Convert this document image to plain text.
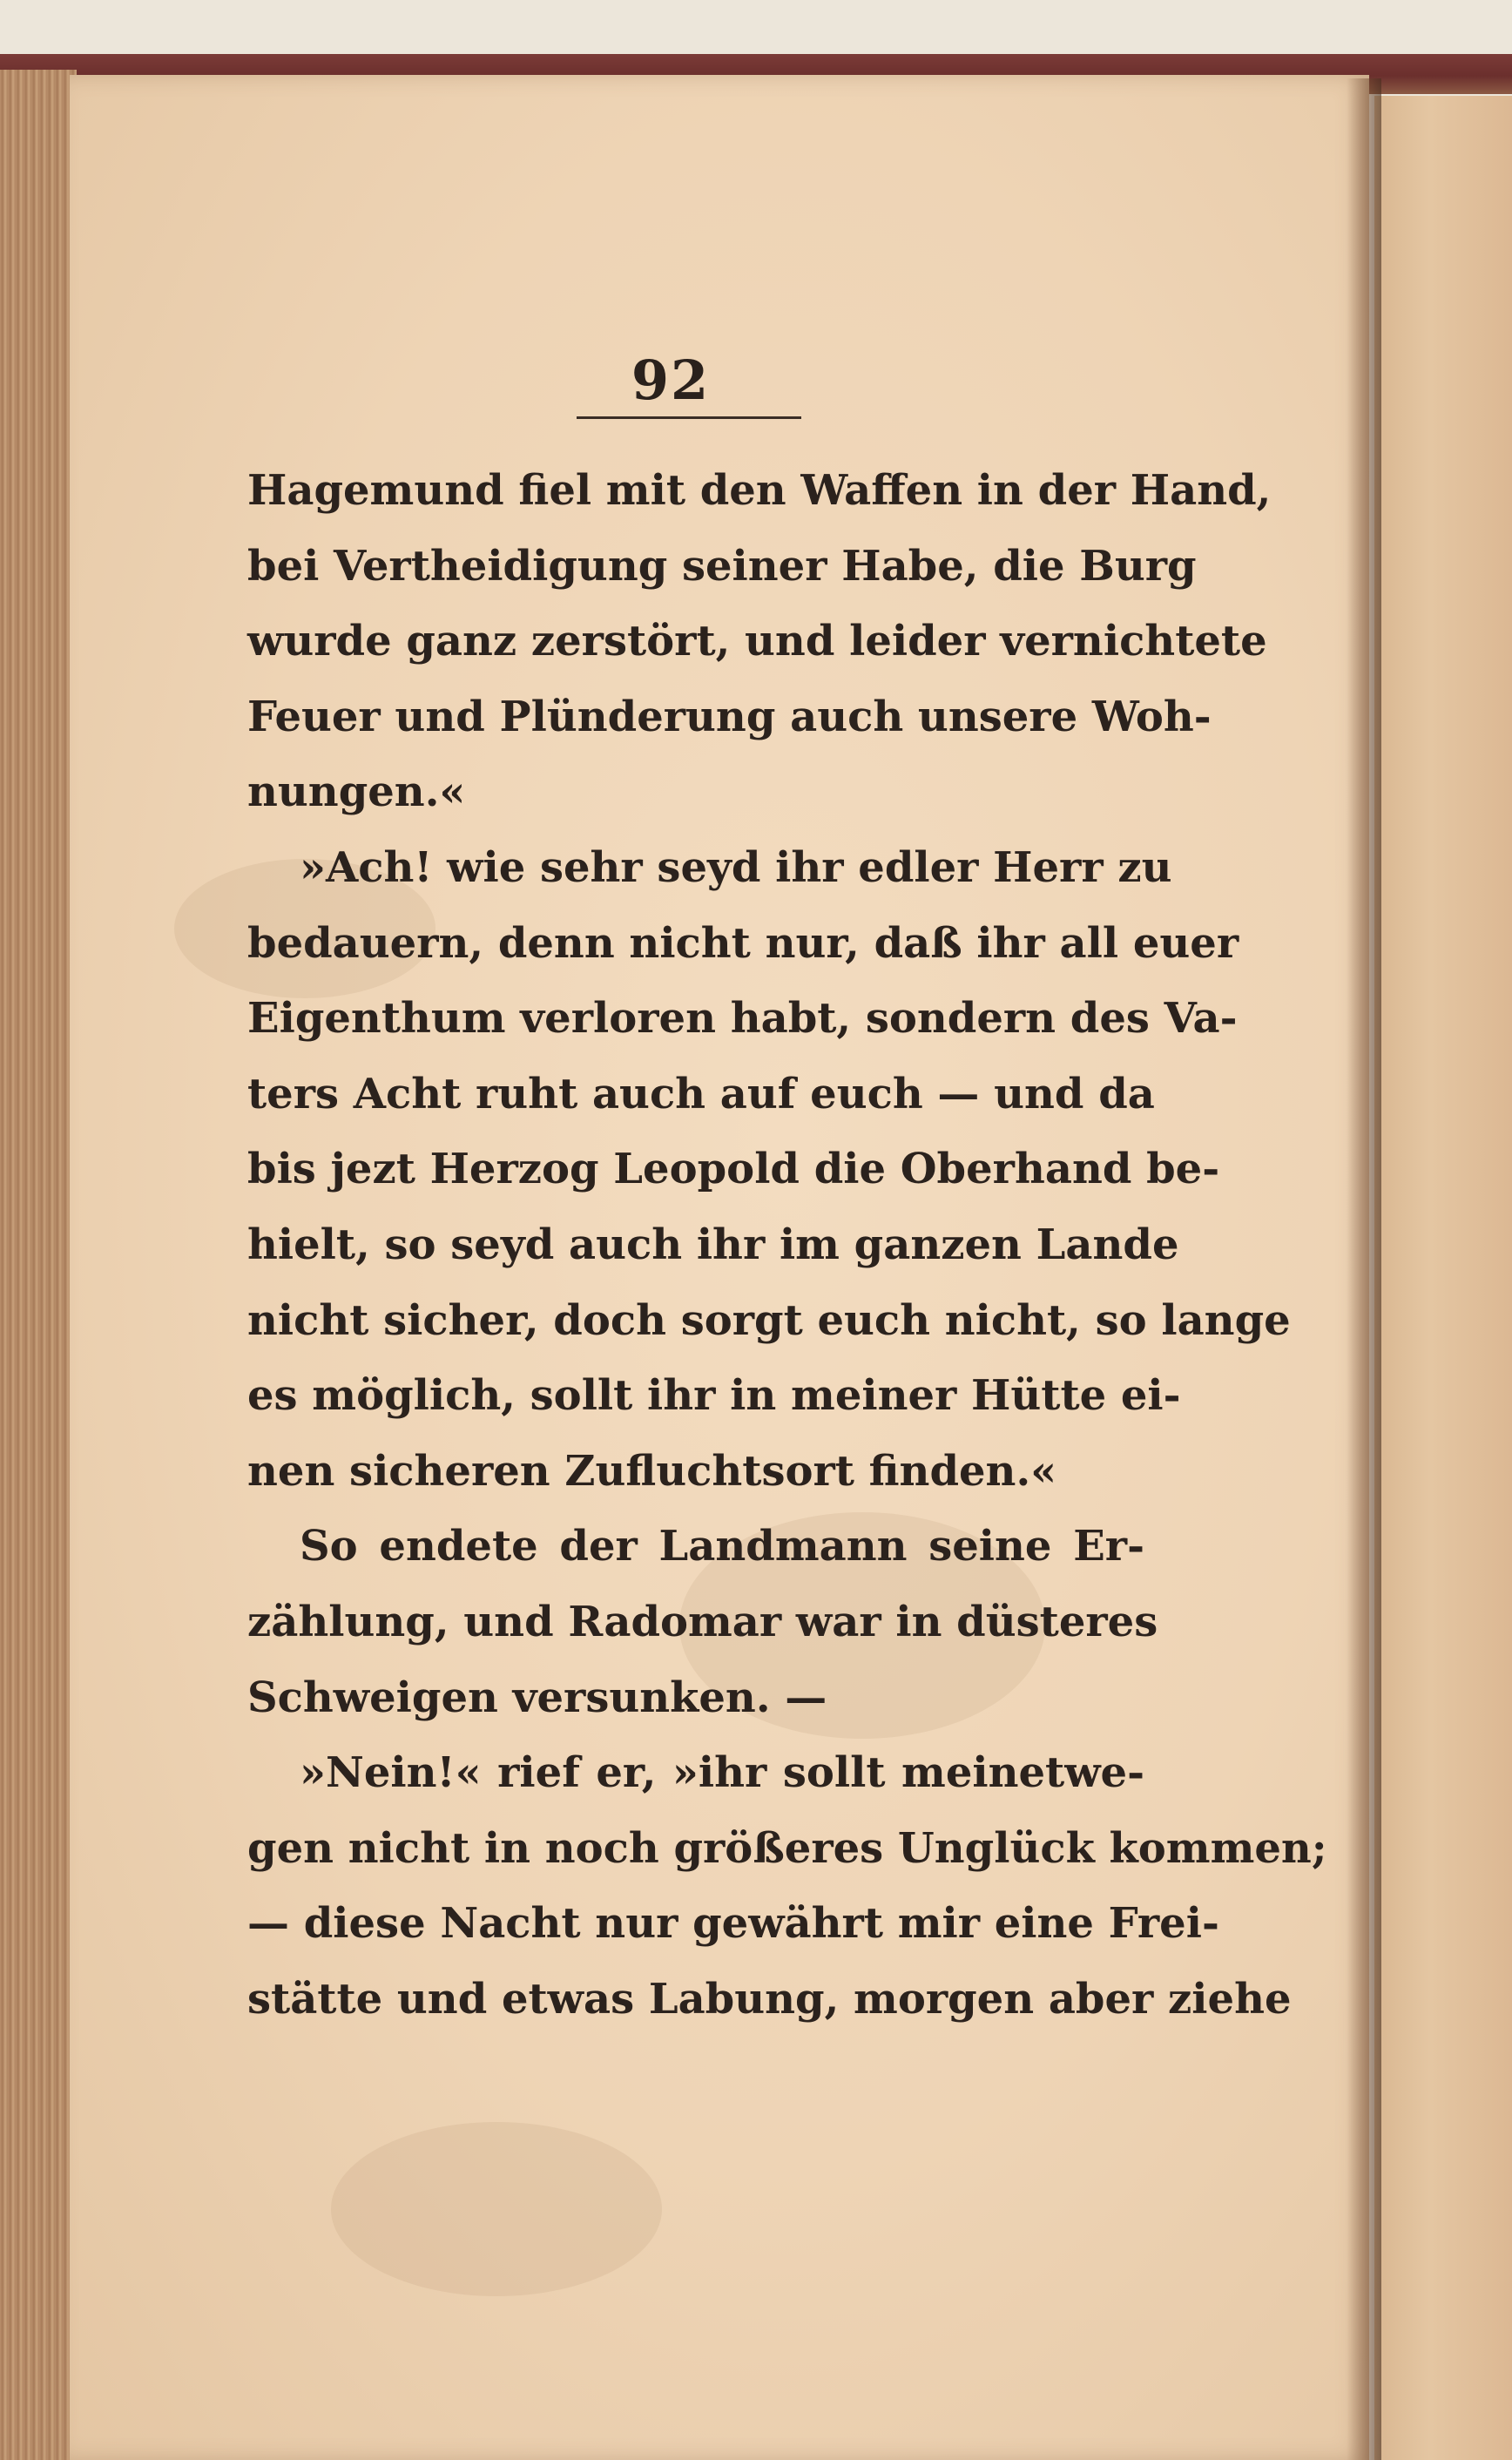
92
Hagemund fiel mit den Waffen in der Hand,
bei Vertheidigung seiner Habe, die Burg
wurde ganz zerstört, und leider vernichtete
Feuer und Plünderung auch unsere Woh-
nungen.«
»Ach! wie sehr seyd ihr edler Herr zu
bedauern, denn nicht nur, daß ihr all euer
Eigenthum verloren habt, sondern des Va-
ters Acht ruht auch auf euch — und da
bis jezt Herzog Leopold die Oberhand be-
hielt, so seyd auch ihr im ganzen Lande
nicht sicher, doch sorgt euch nicht, so lange
es möglich, sollt ihr in meiner Hütte ei-
nen sicheren Zufluchtsort finden.«
So endete der Landmann seine Er-
zählung, und Radomar war in düsteres
Schweigen versunken. —
»Nein!« rief er, »ihr sollt meinetwe-
gen nicht in noch größeres Unglück kommen;
— diese Nacht nur gewährt mir eine Frei-
stätte und etwas Labung, morgen aber ziehe
